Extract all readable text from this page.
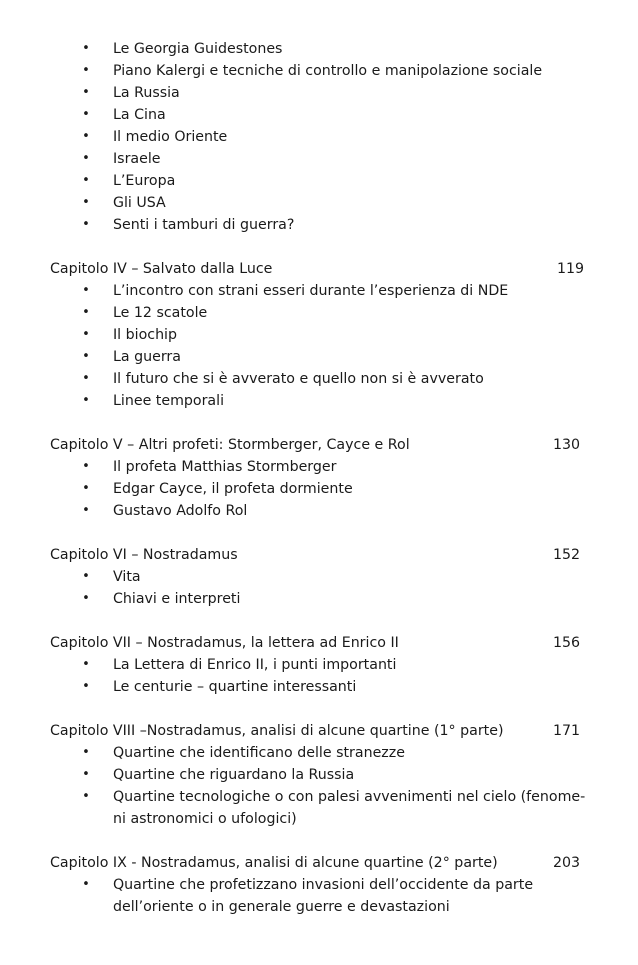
• Le Georgia Guidestones
• Piano Kalergi e tecniche di controllo e manipolazione sociale
• La Russia
• La Cina
• Il medio Oriente
• Israele
• L’Europa
• Gli USA
• Senti i tamburi di guerra?
Capitolo IV – Salvato dalla Luce	119
• L’incontro con strani esseri durante l’esperienza di NDE
• Le 12 scatole
• Il biochip
• La guerra
• Il futuro che si è avverato e quello non si è avverato
• Linee temporali
Capitolo V – Altri profeti: Stormberger, Cayce e Rol	130
• Il profeta Matthias Stormberger
• Edgar Cayce, il profeta dormiente
• Gustavo Adolfo Rol
Capitolo VI – Nostradamus	152
• Vita
• Chiavi e interpreti
Capitolo VII – Nostradamus, la lettera ad Enrico II	156
• La Lettera di Enrico II, i punti importanti
• Le centurie – quartine interessanti
Capitolo VIII –Nostradamus, analisi di alcune quartine (1° parte)	171
• Quartine che identificano delle stranezze
• Quartine che riguardano la Russia
• Quartine tecnologiche o con palesi avvenimenti nel cielo (fenome-
ni astronomici o ufologici)
Capitolo IX - Nostradamus, analisi di alcune quartine (2° parte)	203
• Quartine che profetizzano invasioni dell’occidente da parte
dell’oriente o in generale guerre e devastazioni
